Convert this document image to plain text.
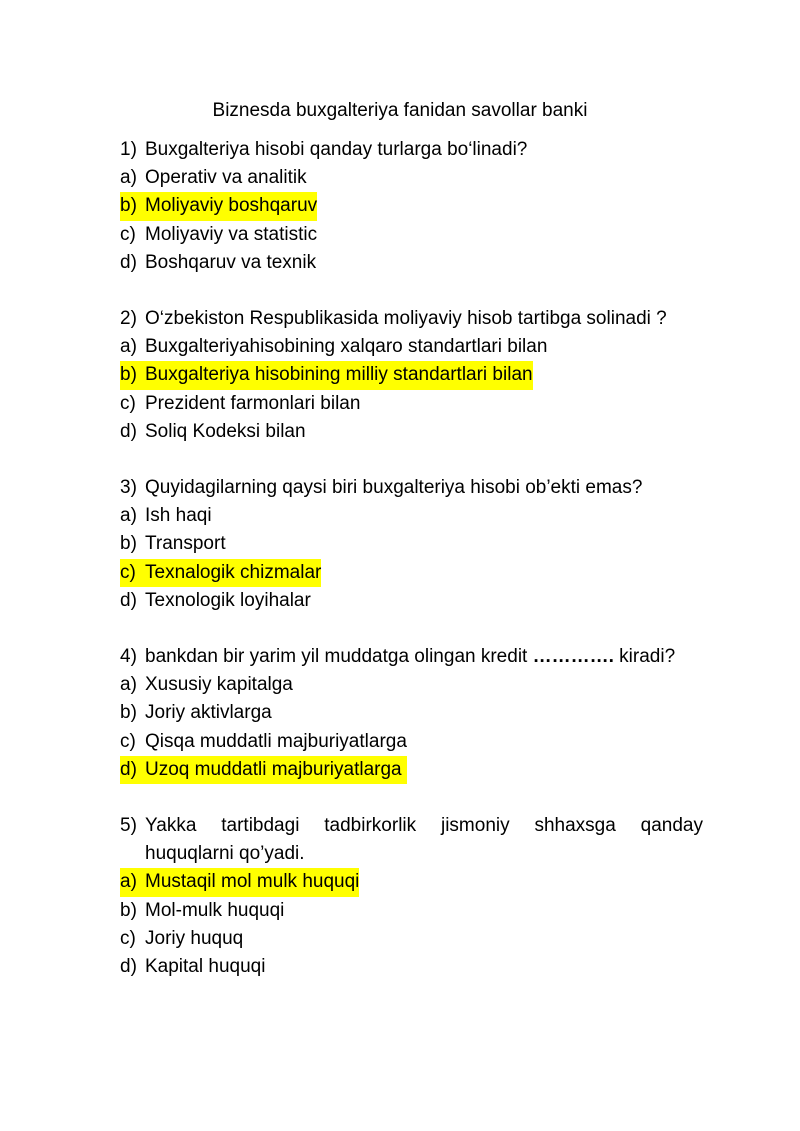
Biznesda buxgalteriya fanidan savollar banki
1) Buxgalteriya hisobi qanday turlarga bo‘linadi?
a) Operativ va analitik
b) Moliyaviy boshqaruv
c) Moliyaviy va statistic
d) Boshqaruv va texnik
2) O‘zbekiston Respublikasida moliyaviy hisob tartibga solinadi ?
a) Buxgalteriyahisobining xalqaro standartlari bilan
b) Buxgalteriya hisobining milliy standartlari bilan
c) Prezident farmonlari bilan
d) Soliq Kodeksi bilan
3) Quyidagilarning qaysi biri buxgalteriya hisobi ob’ekti emas?
a) Ish haqi
b) Transport
c) Texnalogik chizmalar
d) Texnologik loyihalar
4) bankdan bir yarim yil muddatga olingan kredit …………. kiradi?
a) Xususiy kapitalga
b) Joriy aktivlarga
c) Qisqa muddatli majburiyatlarga
d) Uzoq muddatli majburiyatlarga
5) Yakka tartibdagi tadbirkorlik jismoniy shhaxsga qanday
huquqlarni qo’yadi.
a) Mustaqil mol mulk huquqi
b) Mol-mulk huquqi
c) Joriy huquq
d) Kapital huquqi
